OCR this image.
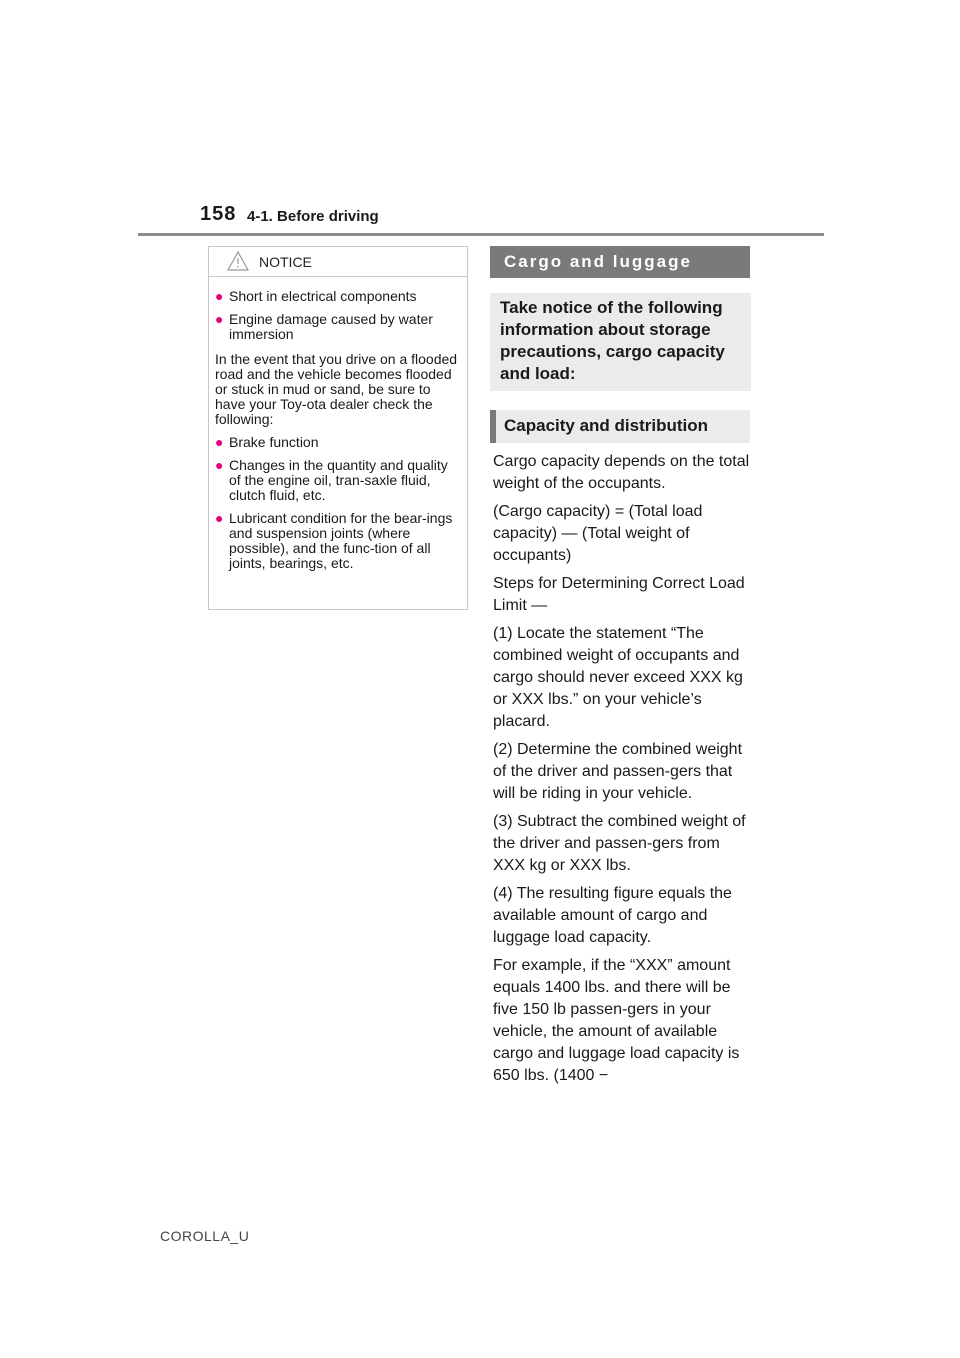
158 4-1. Before driving
NOTICE
● Short in electrical components
● Engine damage caused by water immersion
In the event that you drive on a flooded road and the vehicle becomes flooded or stuck in mud or sand, be sure to have your Toy-ota dealer check the following:
● Brake function
● Changes in the quantity and quality of the engine oil, tran-saxle fluid, clutch fluid, etc.
● Lubricant condition for the bear-ings and suspension joints (where possible), and the func-tion of all joints, bearings, etc.
Cargo and luggage
Take notice of the following information about storage precautions, cargo capacity and load:
Capacity and distribution

Cargo capacity depends on the total weight of the occupants.

(Cargo capacity) = (Total load capacity) — (Total weight of occupants)

Steps for Determining Correct Load Limit —

(1) Locate the statement “The combined weight of occupants and cargo should never exceed XXX kg or XXX lbs.” on your vehicle’s placard.

(2) Determine the combined weight of the driver and passen-gers that will be riding in your vehicle.

(3) Subtract the combined weight of the driver and passen-gers from XXX kg or XXX lbs.

(4) The resulting figure equals the available amount of cargo and luggage load capacity.

For example, if the “XXX” amount equals 1400 lbs. and there will be five 150 lb passen-gers in your vehicle, the amount of available cargo and luggage load capacity is 650 lbs. (1400 −

COROLLA_U
